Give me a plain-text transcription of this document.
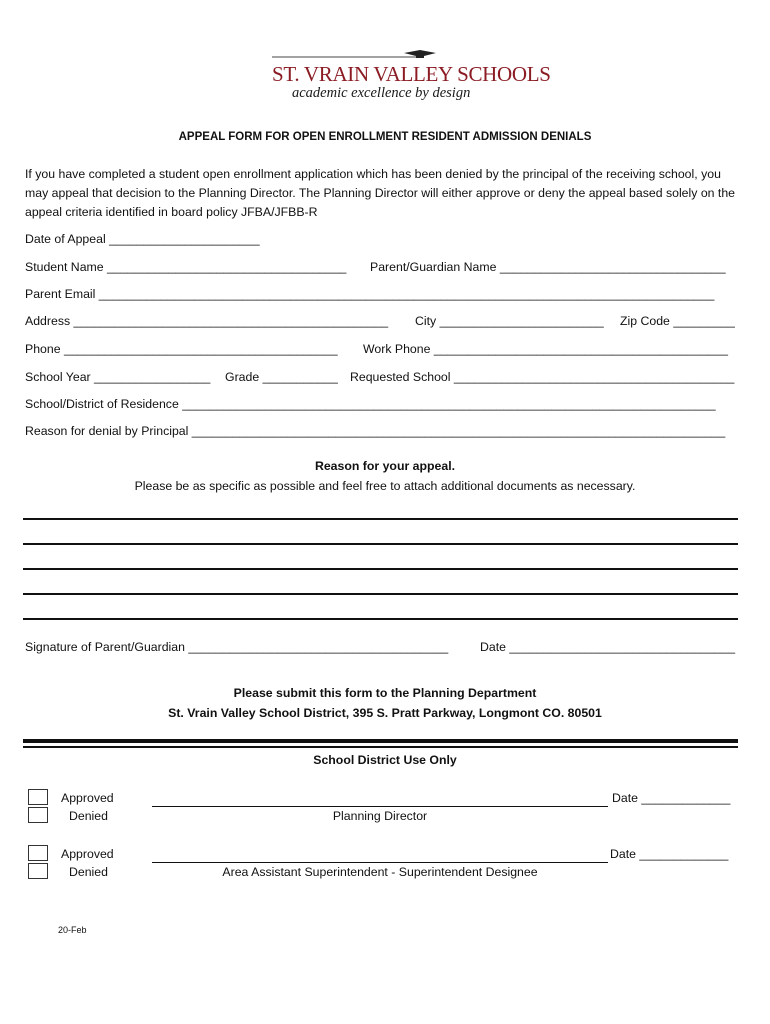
ST. VRAIN VALLEY SCHOOLS
academic excellence by design
APPEAL FORM FOR OPEN ENROLLMENT RESIDENT ADMISSION DENIALS
If you have completed a student open enrollment application which has been denied by the principal of the receiving school, you may appeal that decision to the Planning Director. The Planning Director will either approve or deny the appeal based solely on the appeal criteria identified in board policy JFBA/JFBB-R
Date of Appeal ______________________
Student Name ___________________________________ Parent/Guardian Name _________________________________
Parent Email __________________________________________________________________________________________
Address ______________________________________________ City ________________________ Zip Code _________
Phone ________________________________________ Work Phone ___________________________________________
School Year _________________ Grade ___________ Requested School _________________________________________
School/District of Residence ______________________________________________________________________________
Reason for denial by Principal ______________________________________________________________________________
Reason for your appeal.
Please be as specific as possible and feel free to attach additional documents as necessary.
Signature of Parent/Guardian ______________________________________	Date _________________________________
Please submit this form to the Planning Department
St. Vrain Valley School District, 395 S. Pratt Parkway, Longmont CO. 80501
School District Use Only
Approved
Denied
Date _____________
Planning Director
Approved
Denied
Date _____________
Area Assistant Superintendent - Superintendent Designee
20-Feb
